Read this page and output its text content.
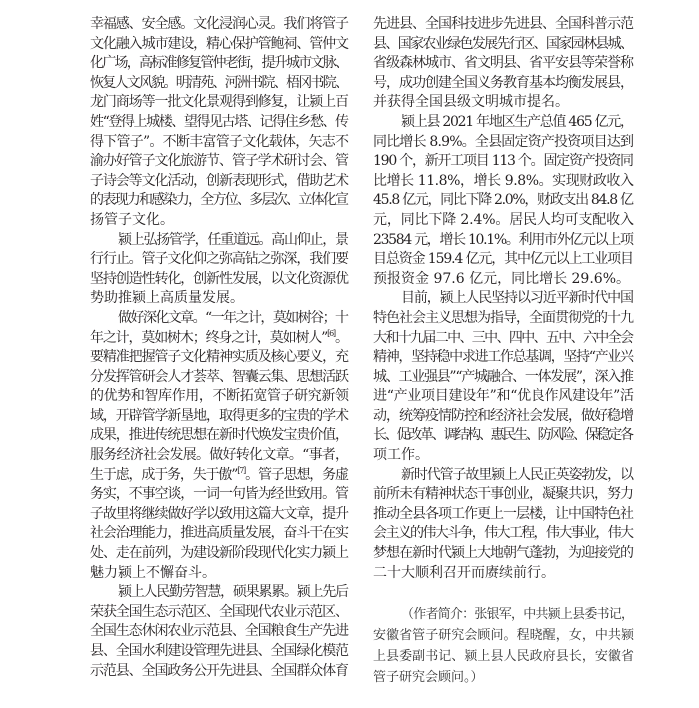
幸福感、安全感。文化浸润心灵。我们将管子
文化融入城市建设，精心保护管鲍祠、管仲文
化广场，高标准修复管仲老街，提升城市文脉、
恢复人文风貌。明清苑、河洲书院、梧冈书院、
龙门商场等一批文化景观得到修复，让颍上百
姓“登得上城楼、望得见古塔、记得住乡愁、传
得下管子”。不断丰富管子文化载体，矢志不
渝办好管子文化旅游节、管子学术研讨会、管
子诗会等文化活动，创新表现形式，借助艺术
的表现力和感染力，全方位、多层次、立体化宣
扬管子文化。
颍上弘扬管学，任重道远。高山仰止，景
行行止。管子文化仰之弥高钻之弥深，我们要
坚持创造性转化，创新性发展，以文化资源优
势助推颍上高质量发展。
做好深化文章。“一年之计，莫如树谷；十
年之计，莫如树木；终身之计，莫如树人”[6]。
要精准把握管子文化精神实质及核心要义，充
分发挥管研会人才荟萃、智囊云集、思想活跃
的优势和智库作用，不断拓宽管子研究新领
域，开辟管学新垦地，取得更多的宝贵的学术
成果，推进传统思想在新时代焕发宝贵价值，
服务经济社会发展。做好转化文章。“事者，
生于虑，成于务，失于傲”[7]。管子思想，务虚
务实，不事空谈，一词一句皆为经世致用。管
子故里将继续做好学以致用这篇大文章，提升
社会治理能力，推进高质量发展，奋斗干在实
处、走在前列，为建设新阶段现代化实力颍上
魅力颍上不懈奋斗。
颍上人民勤劳智慧，硕果累累。颍上先后
荣获全国生态示范区、全国现代农业示范区、
全国生态休闲农业示范县、全国粮食生产先进
县、全国水利建设管理先进县、全国绿化模范
示范县、全国政务公开先进县、全国群众体育
先进县、全国科技进步先进县、全国科普示范
县、国家农业绿色发展先行区、国家园林县城、
省级森林城市、省文明县、省平安县等荣誉称
号，成功创建全国义务教育基本均衡发展县，
并获得全国县级文明城市提名。
颍上县 2021 年地区生产总值 465 亿元，
同比增长 8.9%。全县固定资产投资项目达到
190 个，新开工项目 113 个。固定资产投资同
比增长 11.8%，增长 9.8%。实现财政收入
45.8 亿元，同比下降 2.0%，财政支出 84.8 亿
元，同比下降 2.4%。居民人均可支配收入
23584 元，增长 10.1%。利用市外亿元以上项
目总资金 159.4 亿元，其中亿元以上工业项目
预报资金 97.6 亿元，同比增长 29.6%。
目前，颍上人民坚持以习近平新时代中国
特色社会主义思想为指导，全面贯彻党的十九
大和十九届二中、三中、四中、五中、六中全会
精神，坚持稳中求进工作总基调，坚持“产业兴
城、工业强县”“产城融合、一体发展”，深入推
进“产业项目建设年”和“优良作风建设年”活
动，统筹疫情防控和经济社会发展，做好稳增
长、促改革、调结构、惠民生、防风险、保稳定各
项工作。
新时代管子故里颍上人民正英姿勃发，以
前所未有精神状态干事创业，凝聚共识，努力
推动全县各项工作更上一层楼，让中国特色社
会主义的伟大斗争，伟大工程，伟大事业，伟大
梦想在新时代颍上大地朝气蓬勃，为迎接党的
二十大顺利召开而赓续前行。
（作者简介：张银军，中共颍上县委书记，
安徽省管子研究会顾问。程晓醒，女，中共颍
上县委副书记、颍上县人民政府县长，安徽省
管子研究会顾问。）
